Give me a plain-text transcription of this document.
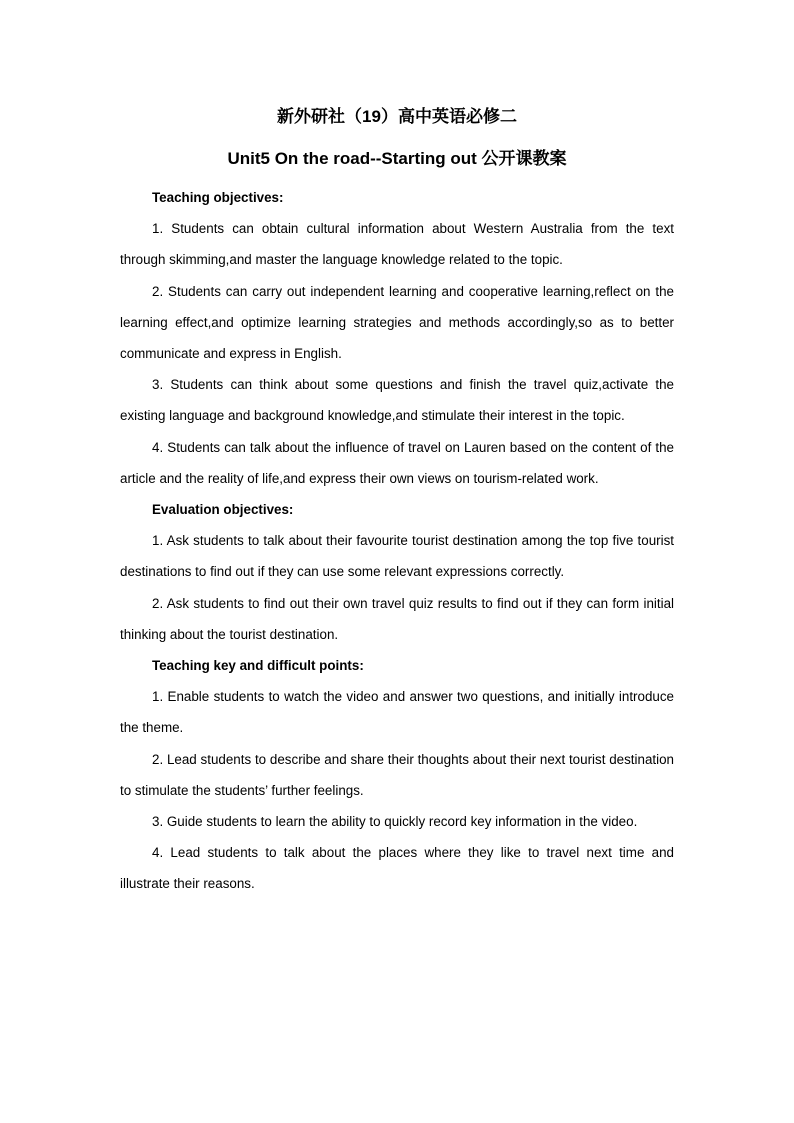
新外研社（19）高中英语必修二
Unit5 On the road--Starting out 公开课教案

Teaching objectives:

1. Students can obtain cultural information about Western Australia from the text through skimming,and master the language knowledge related to the topic.

2. Students can carry out independent learning and cooperative learning,reflect on the learning effect,and optimize learning strategies and methods accordingly,so as to better communicate and express in English.

3. Students can think about some questions and finish the travel quiz,activate the existing language and background knowledge,and stimulate their interest in the topic.

4. Students can talk about the influence of travel on Lauren based on the content of the article and the reality of life,and express their own views on tourism-related work.

Evaluation objectives:

1. Ask students to talk about their favourite tourist destination among the top five tourist destinations to find out if they can use some relevant expressions correctly.

2. Ask students to find out their own travel quiz results to find out if they can form initial thinking about the tourist destination.

Teaching key and difficult points:

1. Enable students to watch the video and answer two questions, and initially introduce the theme.

2. Lead students to describe and share their thoughts about their next tourist destination to stimulate the students’ further feelings.

3. Guide students to learn the ability to quickly record key information in the video.

4. Lead students to talk about the places where they like to travel next time and illustrate their reasons.
